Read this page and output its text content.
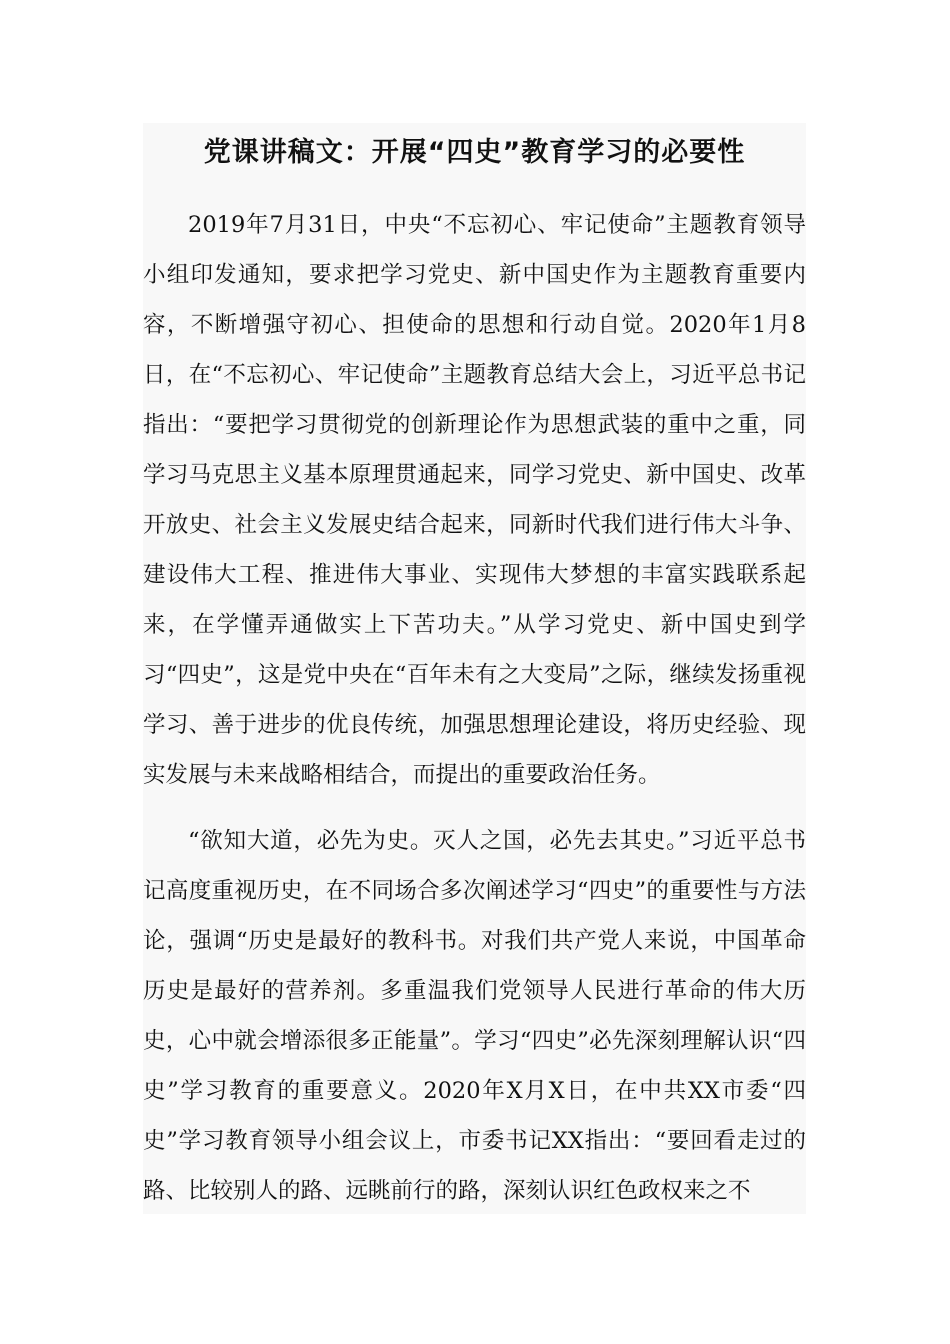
党课讲稿文：开展“四史”教育学习的必要性

2019年7月31日，中央“不忘初心、牢记使命”主题教育领导小组印发通知，要求把学习党史、新中国史作为主题教育重要内容，不断增强守初心、担使命的思想和行动自觉。2020年1月8日，在“不忘初心、牢记使命”主题教育总结大会上，习近平总书记指出：“要把学习贯彻党的创新理论作为思想武装的重中之重，同学习马克思主义基本原理贯通起来，同学习党史、新中国史、改革开放史、社会主义发展史结合起来，同新时代我们进行伟大斗争、建设伟大工程、推进伟大事业、实现伟大梦想的丰富实践联系起来，在学懂弄通做实上下苦功夫。”从学习党史、新中国史到学习“四史”，这是党中央在“百年未有之大变局”之际，继续发扬重视学习、善于进步的优良传统，加强思想理论建设，将历史经验、现实发展与未来战略相结合，而提出的重要政治任务。

“欲知大道，必先为史。灭人之国，必先去其史。”习近平总书记高度重视历史，在不同场合多次阐述学习“四史”的重要性与方法论，强调“历史是最好的教科书。对我们共产党人来说，中国革命历史是最好的营养剂。多重温我们党领导人民进行革命的伟大历史，心中就会增添很多正能量”。学习“四史”必先深刻理解认识“四史”学习教育的重要意义。2020年X月X日，在中共XX市委“四史”学习教育领导小组会议上，市委书记XX指出：“要回看走过的路、比较别人的路、远眺前行的路，深刻认识红色政权来之不
